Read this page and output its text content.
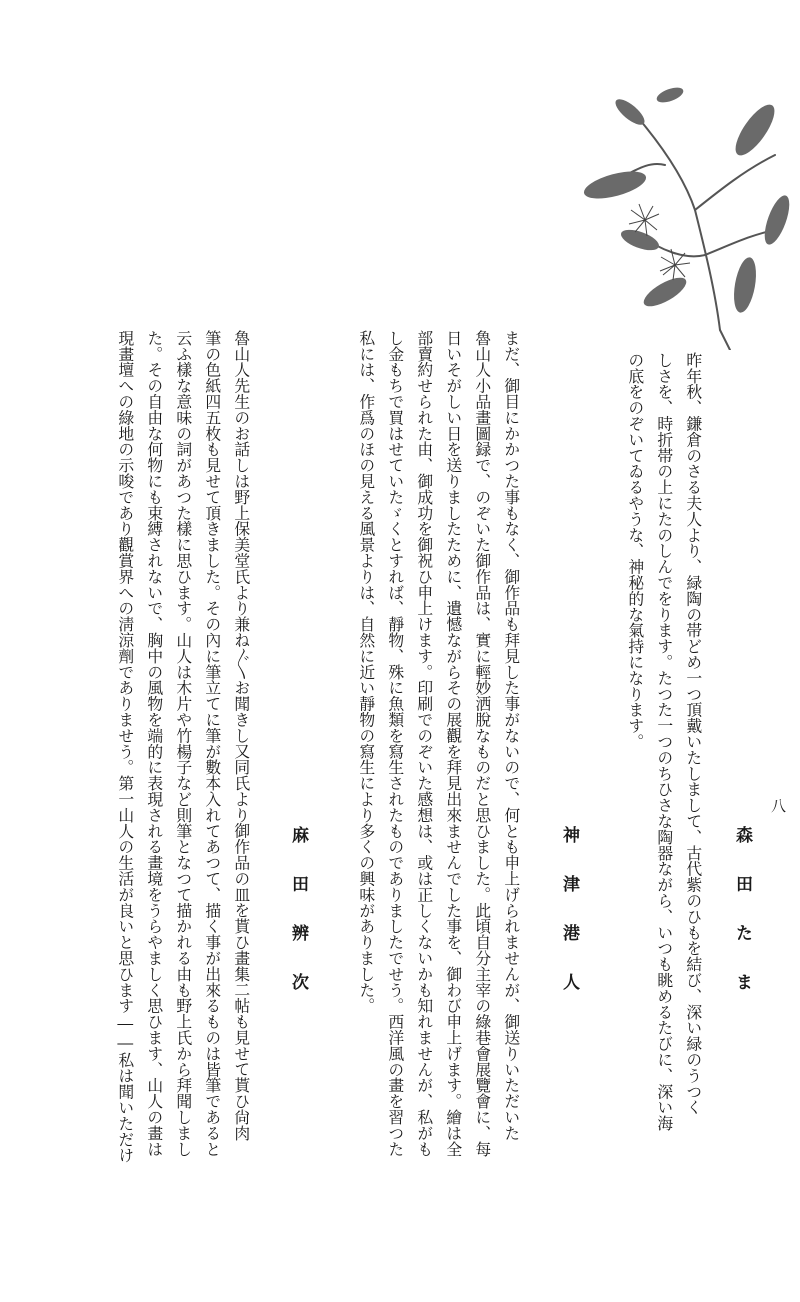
八
森田たま
昨年秋、鎌倉のさる夫人より、緑陶の帯どめ一つ頂戴いたしまして、古代紫のひもを結び、深い緑のうつく
しさを、時折帯の上にたのしんでをります。たつた一つのちひさな陶器ながら、いつも眺めるたびに、深い海
の底をのぞいてゐるやうな、神秘的な氣持になります。
神津港人
まだ、御目にかかつた事もなく、御作品も拜見した事がないので、何とも申上げられませんが、御送りいただいた
魯山人小品畫圖録で、のぞいた御作品は、實に輕妙洒脫なものだと思ひました。此頃自分主宰の綠巷會展覽會に、每
日いそがしい日を送りましたために、遺憾ながらその展觀を拜見出來ませんでした事を、御わび申上げます。繪は全
部賣約せられた由、御成功を御祝ひ申上けます。印刷でのぞいた感想は、或は正しくないかも知れませんが、私がも
し金もちで買はせていたゞくとすれば、靜物、殊に魚類を寫生されたものでありましたでせう。西洋風の畫を習つた
私には、作爲のほの見える風景よりは、自然に近い靜物の寫生により多くの興味がありました。
麻田辨次
魯山人先生のお話しは野上保美堂氏より兼ね〴〵お聞きし又同氏より御作品の皿を貰ひ畫集二帖も見せて貰ひ尙肉
筆の色紙四五枚も見せて頂きました。その內に筆立てに筆が數本入れてあつて、描く事が出來るものは皆筆であると
云ふ樣な意味の詞があつた樣に思ひます。山人は木片や竹楊子など則筆となつて描かれる由も野上氏から拜聞しまし
た。その自由な何物にも束縛されないで、胸中の風物を端的に表現される畫境をうらやましく思ひます、山人の畫は
現畫壇への綠地の示唆であり觀賞界への淸涼劑でありませう。第一山人の生活が良いと思ひます――私は聞いただけ
